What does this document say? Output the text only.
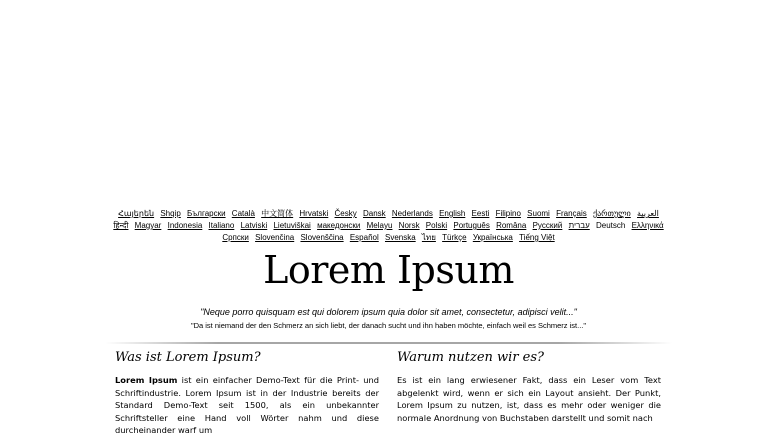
Հայերեն Shqip	‫العربية Български Català 中文简体 Hrvatski Česky Dansk Nederlands English Eesti Filipino Suomi Français ქართული Deutsch Ελληνικά ‫עברית हिन्दी Magyar Indonesia Italiano Latviski Lietuviškai македонски Melayu Norsk Polski Português Româna Pyccкий Српски Slovenčina Slovenščina Español Svenska ไทย Türkçe Українська Tiếng Việt
Lorem Ipsum
"Neque porro quisquam est qui dolorem ipsum quia dolor sit amet, consectetur, adipisci velit..."
"Da ist niemand der den Schmerz an sich liebt, der danach sucht und ihn haben möchte, einfach weil es Schmerz ist..."
Was ist Lorem Ipsum?

Lorem Ipsum ist ein einfacher Demo-Text für die Print- und Schriftindustrie. Lorem Ipsum ist in der Industrie bereits der Standard Demo-Text seit 1500, als ein unbekannter Schriftsteller eine Hand voll Wörter nahm und diese durcheinander warf um

Warum nutzen wir es?

Es ist ein lang erwiesener Fakt, dass ein Leser vom Text abgelenkt wird, wenn er sich ein Layout ansieht. Der Punkt, Lorem Ipsum zu nutzen, ist, dass es mehr oder weniger die normale Anordnung von Buchstaben darstellt und somit nach
